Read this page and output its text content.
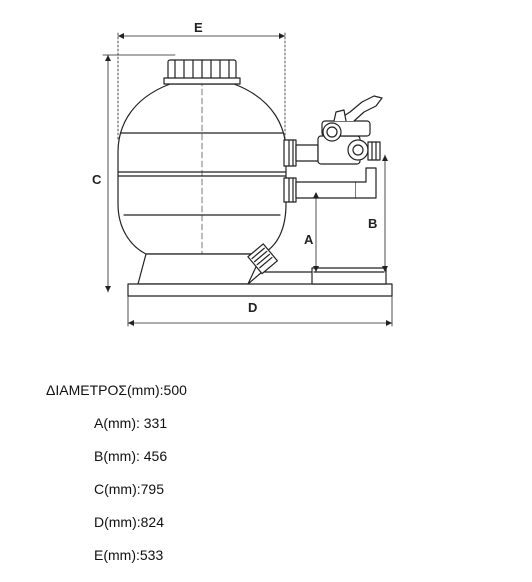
E
C
B
A
D
ΔΙΑΜΕΤΡΟΣ(mm):500
A(mm): 331
B(mm): 456
C(mm):795
D(mm):824
E(mm):533
